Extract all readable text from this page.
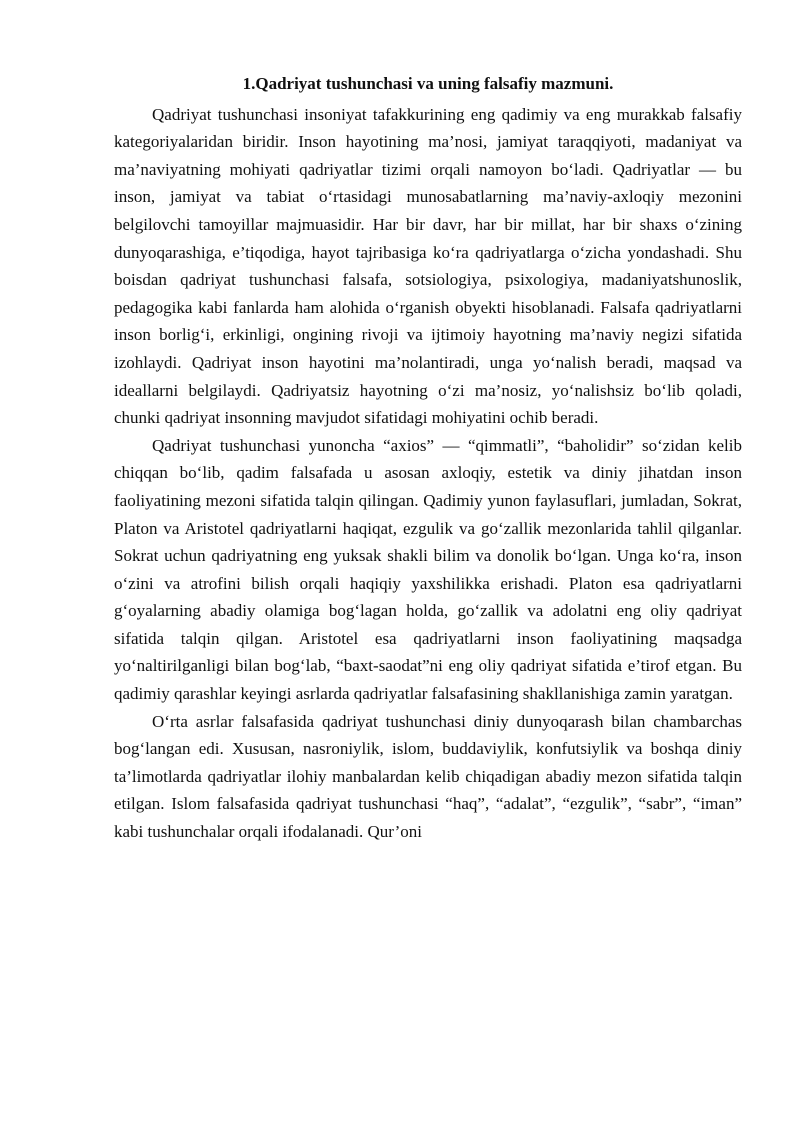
1.Qadriyat tushunchasi va uning falsafiy mazmuni.

Qadriyat tushunchasi insoniyat tafakkurining eng qadimiy va eng murakkab falsafiy kategoriyalaridan biridir. Inson hayotining ma’nosi, jamiyat taraqqiyoti, madaniyat va ma’naviyatning mohiyati qadriyatlar tizimi orqali namoyon bo‘ladi. Qadriyatlar — bu inson, jamiyat va tabiat o‘rtasidagi munosabatlarning ma’naviy-axloqiy mezonini belgilovchi tamoyillar majmuasidir. Har bir davr, har bir millat, har bir shaxs o‘zining dunyoqarashiga, e’tiqodiga, hayot tajribasiga ko‘ra qadriyatlarga o‘zicha yondashadi. Shu boisdan qadriyat tushunchasi falsafa, sotsiologiya, psixologiya, madaniyatshunoslik, pedagogika kabi fanlarda ham alohida o‘rganish obyekti hisoblanadi. Falsafa qadriyatlarni inson borlig‘i, erkinligi, ongining rivoji va ijtimoiy hayotning ma’naviy negizi sifatida izohlaydi. Qadriyat inson hayotini ma’nolantiradi, unga yo‘nalish beradi, maqsad va ideallarni belgilaydi. Qadriyatsiz hayotning o‘zi ma’nosiz, yo‘nalishsiz bo‘lib qoladi, chunki qadriyat insonning mavjudot sifatidagi mohiyatini ochib beradi.

Qadriyat tushunchasi yunoncha “axios” — “qimmatli”, “baholidir” so‘zidan kelib chiqqan bo‘lib, qadim falsafada u asosan axloqiy, estetik va diniy jihatdan inson faoliyatining mezoni sifatida talqin qilingan. Qadimiy yunon faylasuflari, jumladan, Sokrat, Platon va Aristotel qadriyatlarni haqiqat, ezgulik va go‘zallik mezonlarida tahlil qilganlar. Sokrat uchun qadriyatning eng yuksak shakli bilim va donolik bo‘lgan. Unga ko‘ra, inson o‘zini va atrofini bilish orqali haqiqiy yaxshilikka erishadi. Platon esa qadriyatlarni g‘oyalarning abadiy olamiga bog‘lagan holda, go‘zallik va adolatni eng oliy qadriyat sifatida talqin qilgan. Aristotel esa qadriyatlarni inson faoliyatining maqsadga yo‘naltirilganligi bilan bog‘lab, “baxt-saodat”ni eng oliy qadriyat sifatida e’tirof etgan. Bu qadimiy qarashlar keyingi asrlarda qadriyatlar falsafasining shakllanishiga zamin yaratgan.

O‘rta asrlar falsafasida qadriyat tushunchasi diniy dunyoqarash bilan chambarchas bog‘langan edi. Xususan, nasroniylik, islom, buddaviylik, konfutsiylik va boshqa diniy ta’limotlarda qadriyatlar ilohiy manbalardan kelib chiqadigan abadiy mezon sifatida talqin etilgan. Islom falsafasida qadriyat tushunchasi “haq”, “adalat”, “ezgulik”, “sabr”, “iman” kabi tushunchalar orqali ifodalanadi. Qur’oni
